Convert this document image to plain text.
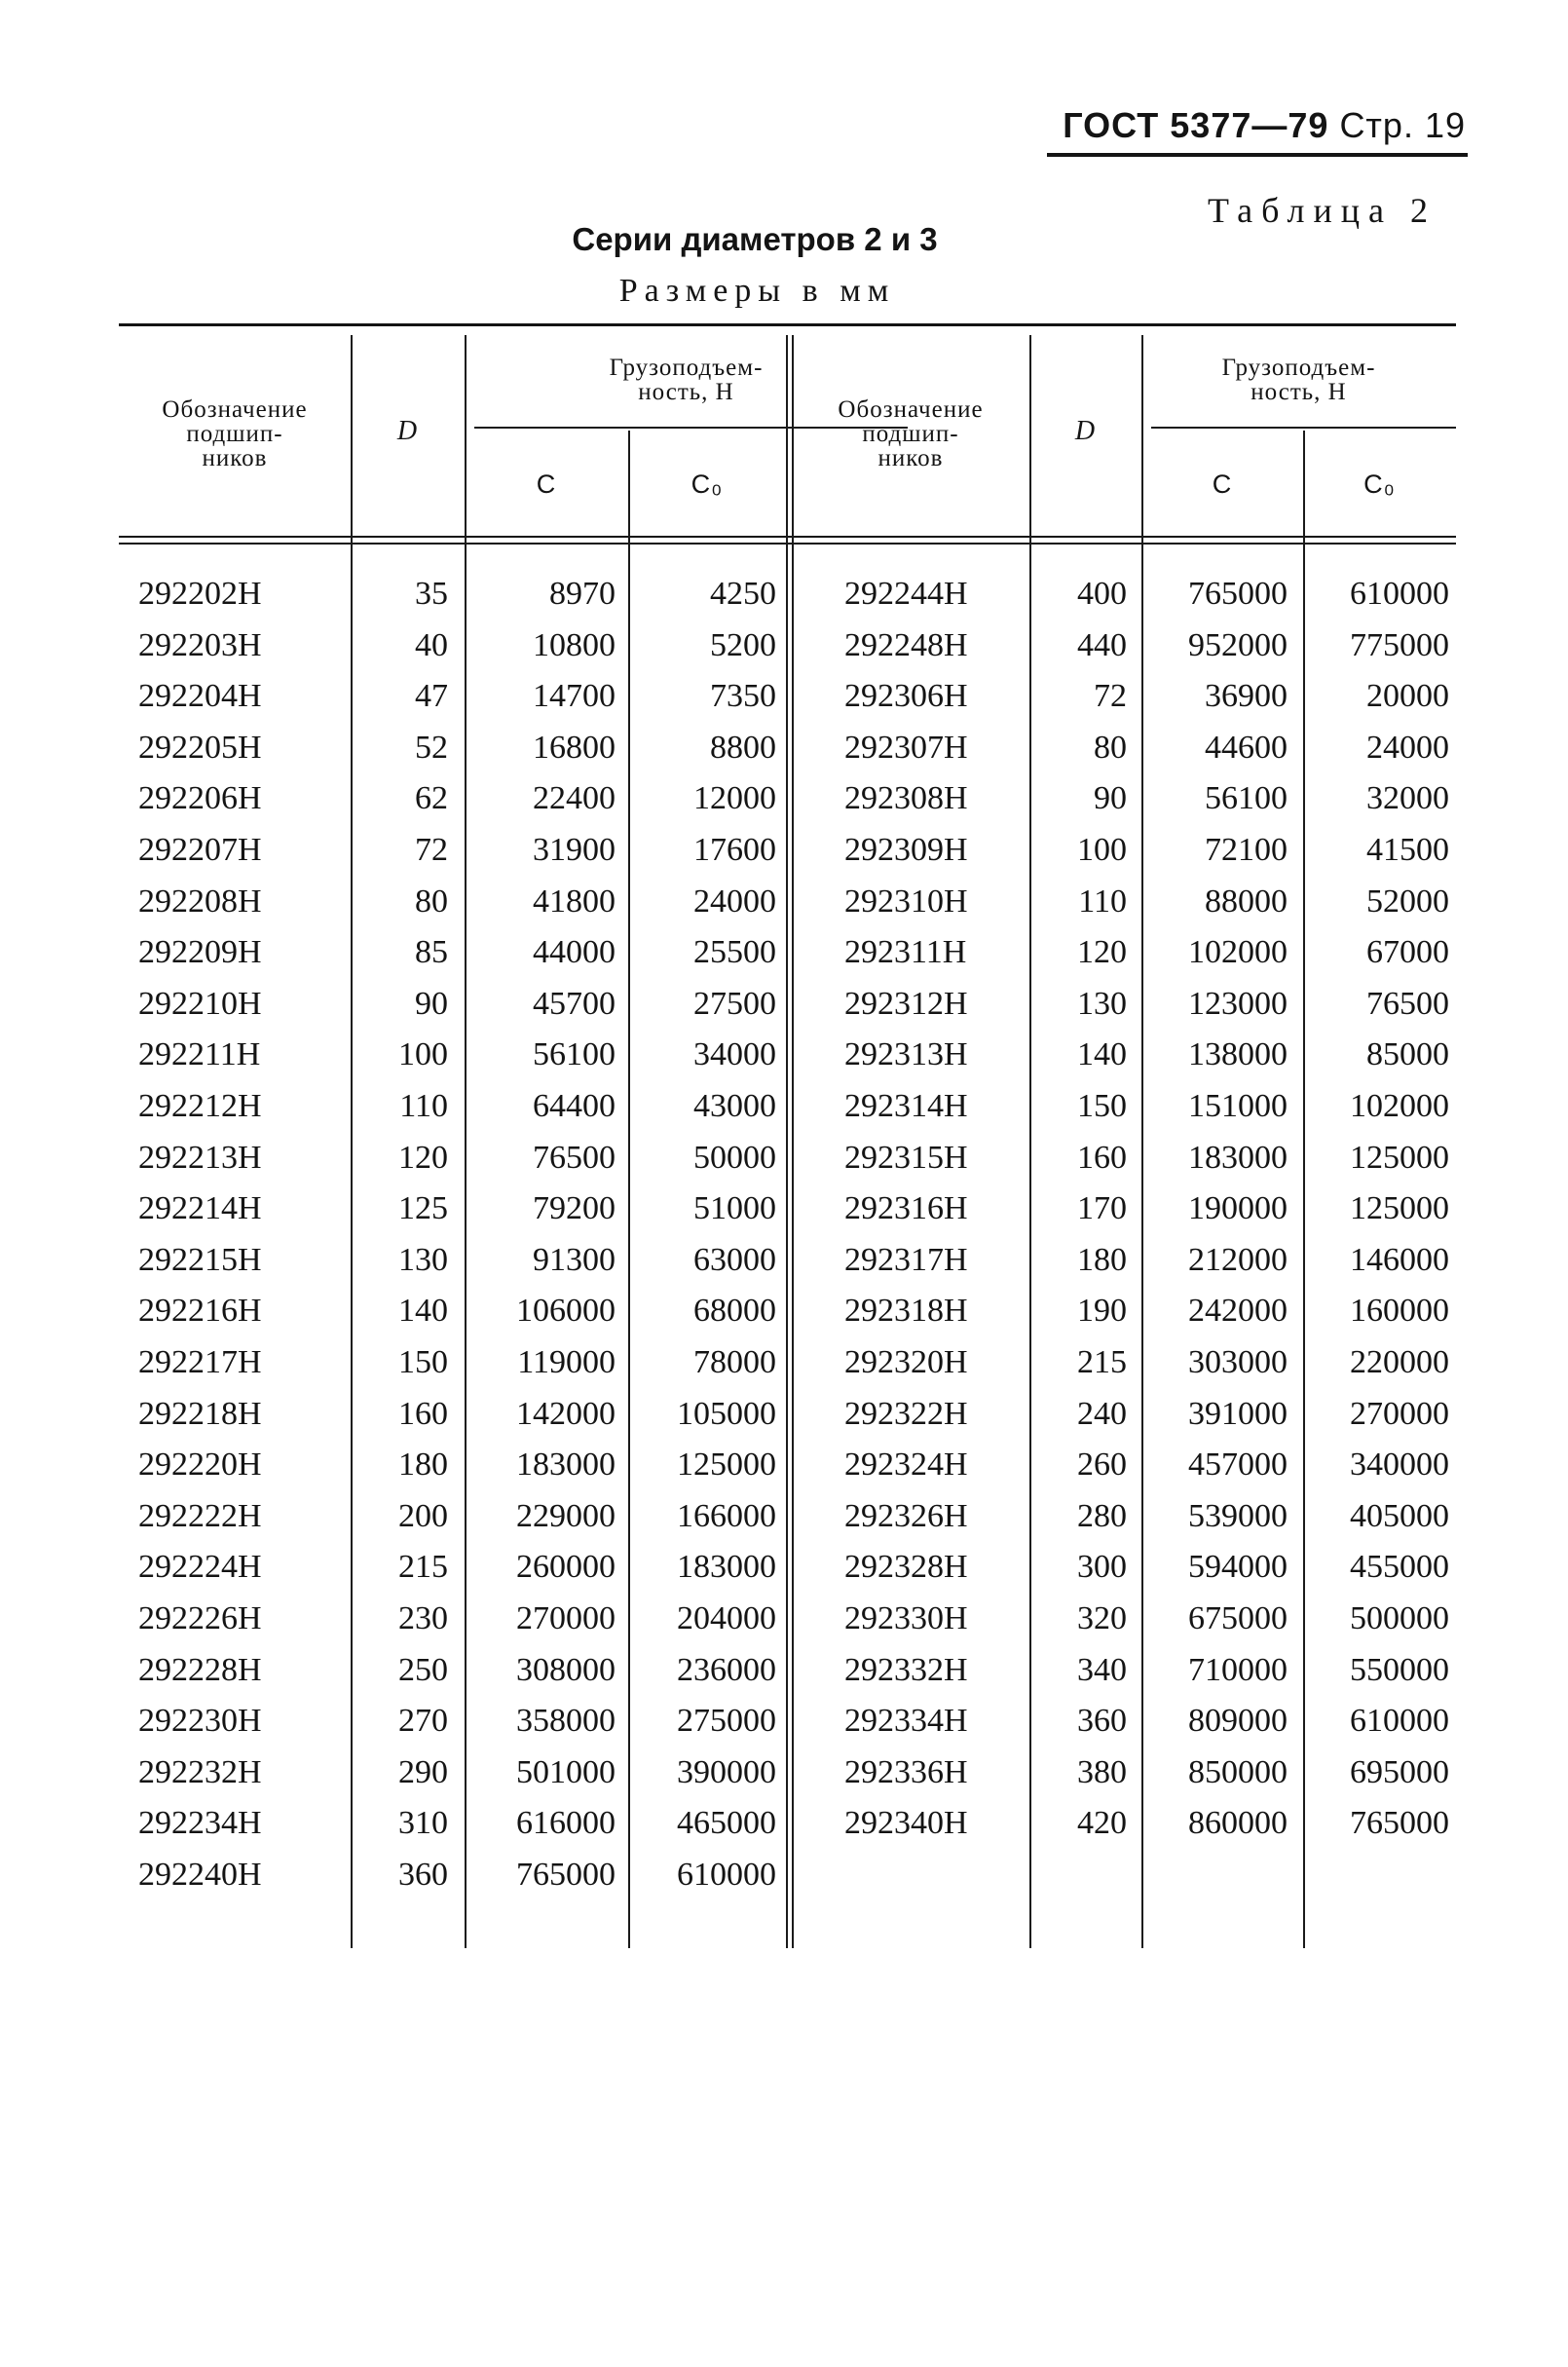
ГОСТ 5377—79 Стр. 19
Таблица 2
Серии диаметров 2 и 3
Размеры в мм
Обозначение
подшип-
ников
D
Грузоподъем-
ность, Н
C	C₀
Обозначение
подшип-
ников
D
Грузоподъем-
ность, Н
C	C₀
292202Н	35	8970	4250
292203Н	40	10800	5200
292204Н	47	14700	7350
292205Н	52	16800	8800
292206Н	62	22400	12000
292207Н	72	31900	17600
292208Н	80	41800	24000
292209Н	85	44000	25500
292210Н	90	45700	27500
292211Н	100	56100	34000
292212Н	110	64400	43000
292213Н	120	76500	50000
292214Н	125	79200	51000
292215Н	130	91300	63000
292216Н	140	106000	68000
292217Н	150	119000	78000
292218Н	160	142000	105000
292220Н	180	183000	125000
292222Н	200	229000	166000
292224Н	215	260000	183000
292226Н	230	270000	204000
292228Н	250	308000	236000
292230Н	270	358000	275000
292232Н	290	501000	390000
292234Н	310	616000	465000
292240Н	360	765000	610000
292244Н	400	765000	610000
292248Н	440	952000	775000
292306Н	72	36900	20000
292307Н	80	44600	24000
292308Н	90	56100	32000
292309Н	100	72100	41500
292310Н	110	88000	52000
292311Н	120	102000	67000
292312Н	130	123000	76500
292313Н	140	138000	85000
292314Н	150	151000	102000
292315Н	160	183000	125000
292316Н	170	190000	125000
292317Н	180	212000	146000
292318Н	190	242000	160000
292320Н	215	303000	220000
292322Н	240	391000	270000
292324Н	260	457000	340000
292326Н	280	539000	405000
292328Н	300	594000	455000
292330Н	320	675000	500000
292332Н	340	710000	550000
292334Н	360	809000	610000
292336Н	380	850000	695000
292340Н	420	860000	765000
